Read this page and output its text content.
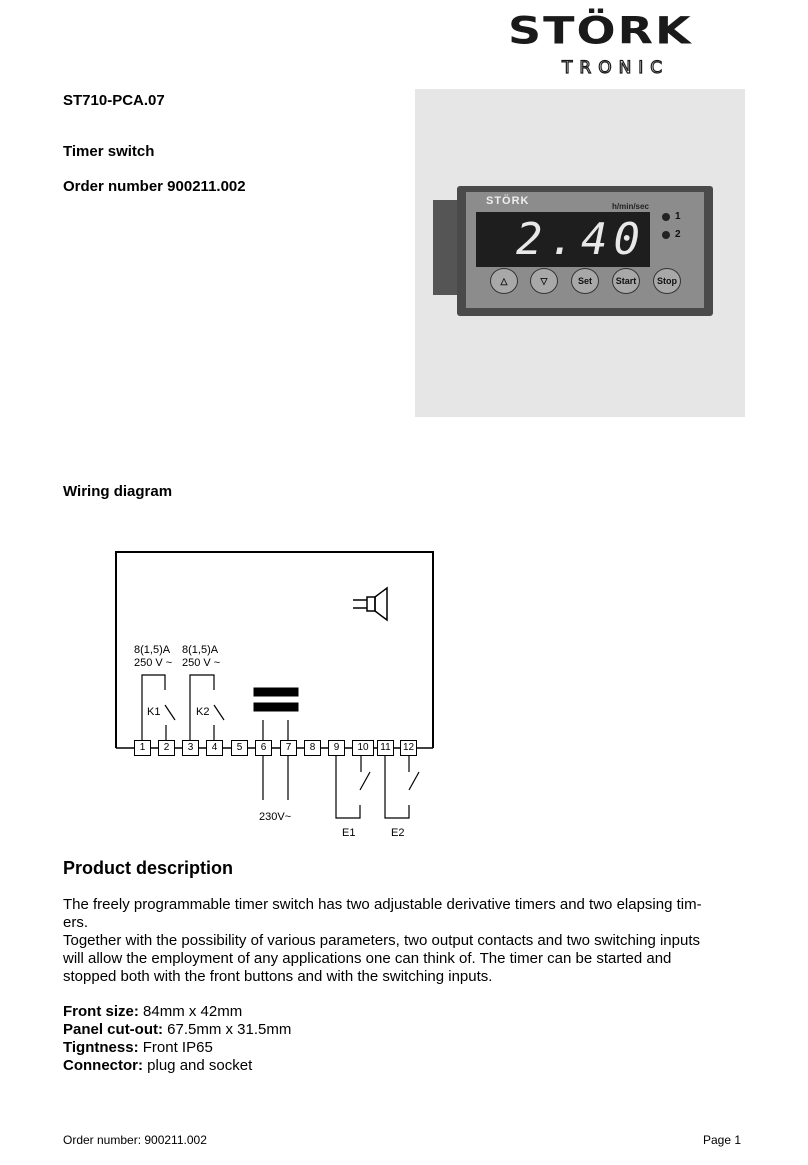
STÖRK
TRONIC
ST710-PCA.07
Timer switch
Order number 900211.002
STÖRK	h/min/sec
2.40	1
2
△	▽	Set	Start	Stop
Wiring diagram
1	2	3	4	5	6	7	8	9	10	11	12
8(1,5)A
250 V ~
8(1,5)A
250 V ~
K1	K2
230V~
E1	E2
Product description
The freely programmable timer switch has two adjustable derivative timers and two elapsing tim-
ers.
Together with the possibility of various parameters, two output contacts and two switching inputs
will allow the employment of any applications one can think of. The timer can be started and
stopped both with the front buttons and with the switching inputs.
Front size: 84mm x 42mm
Panel cut-out: 67.5mm x 31.5mm
Tigntness: Front IP65
Connector: plug and socket
Order number: 900211.002	Page 1
